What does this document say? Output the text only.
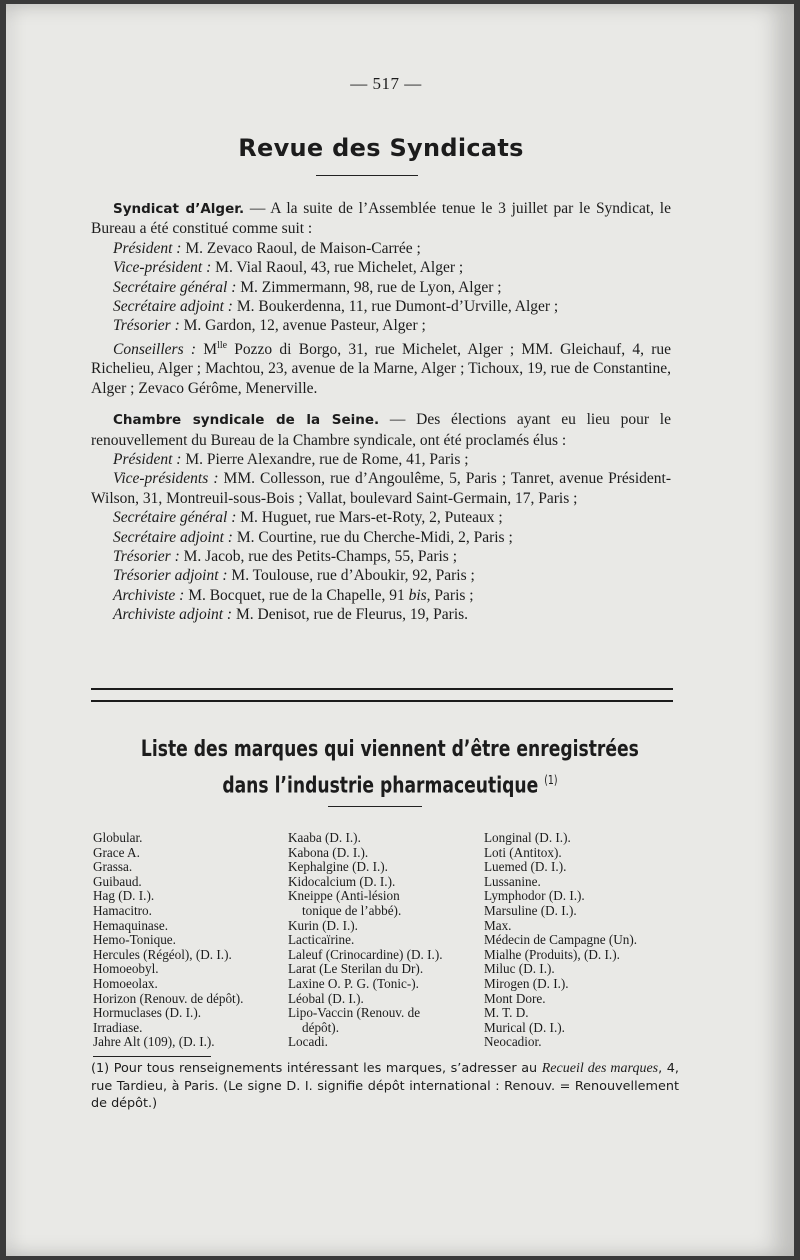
— 517 —
Revue des Syndicats

Syndicat d’Alger. — A la suite de l’Assemblée tenue le 3 juillet par le Syndicat, le Bureau a été constitué comme suit :

Président : M. Zevaco Raoul, de Maison-Carrée ;

Vice-président : M. Vial Raoul, 43, rue Michelet, Alger ;

Secrétaire général : M. Zimmermann, 98, rue de Lyon, Alger ;

Secrétaire adjoint : M. Boukerdenna, 11, rue Dumont-d’Urville, Alger ;

Trésorier : M. Gardon, 12, avenue Pasteur, Alger ;

Conseillers : $M^{lle}$ Pozzo di Borgo, 31, rue Michelet, Alger ; MM. Gleichauf, 4, rue Richelieu, Alger ; Machtou, 23, avenue de la Marne, Alger ; Tichoux, 19, rue de Constantine, Alger ; Zevaco Gérôme, Menerville.

Chambre syndicale de la Seine. — Des élections ayant eu lieu pour le renouvellement du Bureau de la Chambre syndicale, ont été proclamés élus :

Président : M. Pierre Alexandre, rue de Rome, 41, Paris ;

Vice-présidents : MM. Collesson, rue d’Angoulême, 5, Paris ; Tanret, avenue Président-Wilson, 31, Montreuil-sous-Bois ; Vallat, boulevard Saint-Germain, 17, Paris ;

Secrétaire général : M. Huguet, rue Mars-et-Roty, 2, Puteaux ;

Secrétaire adjoint : M. Courtine, rue du Cherche-Midi, 2, Paris ;

Trésorier : M. Jacob, rue des Petits-Champs, 55, Paris ;

Trésorier adjoint : M. Toulouse, rue d’Aboukir, 92, Paris ;

Archiviste : M. Bocquet, rue de la Chapelle, 91 bis, Paris ;

Archiviste adjoint : M. Denisot, rue de Fleurus, 19, Paris.

Liste des marques qui viennent d’être enregistrées
dans l’industrie pharmaceutique $^{(1)}$
Globular.
Grace A.
Grassa.
Guibaud.
Hag (D. I.).
Hamacitro.
Hemaquinase.
Hemo-Tonique.
Hercules (Régéol), (D. I.).
Homoeobyl.
Homoeolax.
Horizon (Renouv. de dépôt).
Hormuclases (D. I.).
Irradiase.
Jahre Alt (109), (D. I.).
Kaaba (D. I.).
Kabona (D. I.).
Kephalgine (D. I.).
Kidocalcium (D. I.).
Kneippe (Anti-lésion
tonique de l’abbé).
Kurin (D. I.).
Lacticaïrine.
Laleuf (Crinocardine) (D. I.).
Larat (Le Sterilan du Dr).
Laxine O. P. G. (Tonic-).
Léobal (D. I.).
Lipo-Vaccin (Renouv. de
dépôt).
Locadi.
Longinal (D. I.).
Loti (Antitox).
Luemed (D. I.).
Lussanine.
Lymphodor (D. I.).
Marsuline (D. I.).
Max.
Médecin de Campagne (Un).
Mialhe (Produits), (D. I.).
Miluc (D. I.).
Mirogen (D. I.).
Mont Dore.
M. T. D.
Murical (D. I.).
Neocadior.
(1) Pour tous renseignements intéressant les marques, s’adresser au Recueil des marques, 4, rue Tardieu, à Paris. (Le signe D. I. signifie dépôt international : Renouv. = Renouvellement de dépôt.)
